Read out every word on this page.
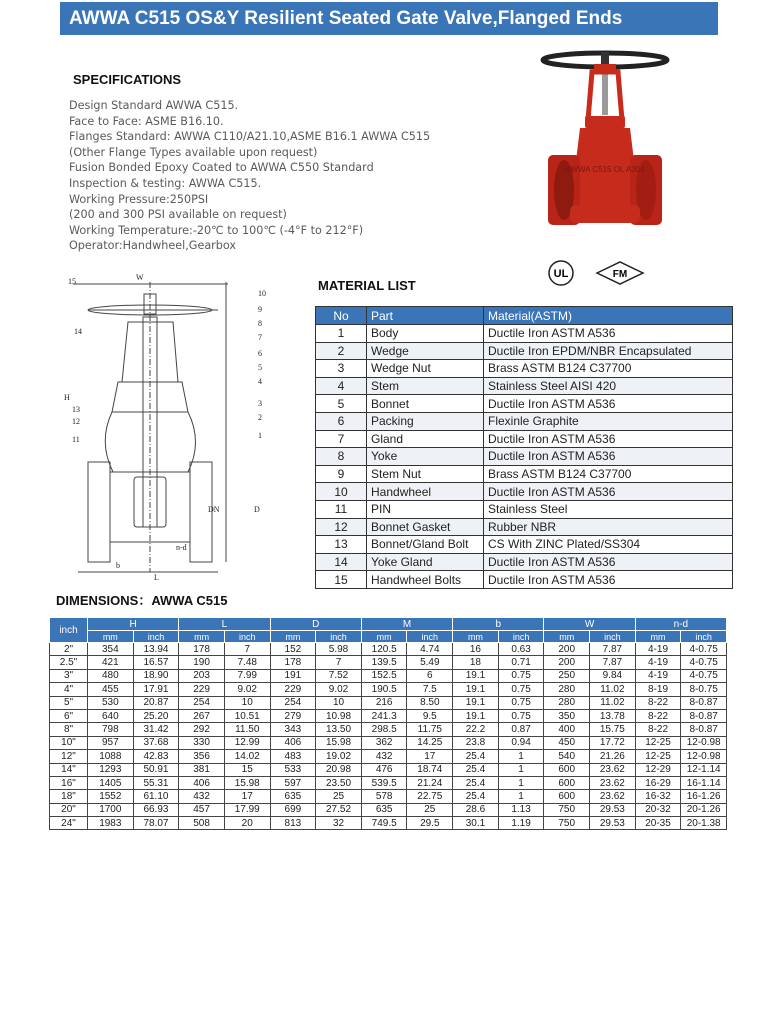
AWWA C515 OS&Y Resilient Seated Gate Valve,Flanged Ends
SPECIFICATIONS
Design Standard AWWA C515.
Face to Face: ASME B16.10.
Flanges Standard: AWWA C110/A21.10,ASME B16.1 AWWA C515
(Other Flange Types available upon request)
Fusion Bonded Epoxy Coated to AWWA C550 Standard
Inspection & testing: AWWA C515.
Working Pressure:250PSI
(200 and 300 PSI available on request)
Working Temperature:-20℃ to 100℃ (-4°F to 212°F)
Operator:Handwheel,Gearbox
AWWA C515 OL A304
UL	FM
W
H
DN	D
n-d
b
L
15
14
10
9
8
7
6
5
4
3
2
1
13
12
11
MATERIAL LIST
No	Part	Material(ASTM)
1	Body	Ductile Iron ASTM A536
2	Wedge	Ductile Iron EPDM/NBR Encapsulated
3	Wedge Nut	Brass ASTM B124 C37700
4	Stem	Stainless Steel AISI 420
5	Bonnet	Ductile Iron ASTM A536
6	Packing	Flexinle Graphite
7	Gland	Ductile Iron ASTM A536
8	Yoke	Ductile Iron ASTM A536
9	Stem Nut	Brass ASTM B124 C37700
10	Handwheel	Ductile Iron ASTM A536
11	PIN	Stainless Steel
12	Bonnet Gasket	Rubber NBR
13	Bonnet/Gland Bolt	CS With ZINC Plated/SS304
14	Yoke Gland	Ductile Iron ASTM A536
15	Handwheel Bolts	Ductile Iron ASTM A536
DIMENSIONS：AWWA C515
inch	H		L		D		M		b		W		n-d	
	mm	inch	mm	inch	mm	inch	mm	inch	mm	inch	mm	inch	mm	inch
2"	354	13.94	178	7	152	5.98	120.5	4.74	16	0.63	200	7.87	4-19	4-0.75
2.5"	421	16.57	190	7.48	178	7	139.5	5.49	18	0.71	200	7.87	4-19	4-0.75
3"	480	18.90	203	7.99	191	7.52	152.5	6	19.1	0.75	250	9.84	4-19	4-0.75
4"	455	17.91	229	9.02	229	9.02	190.5	7.5	19.1	0.75	280	11.02	8-19	8-0.75
5"	530	20.87	254	10	254	10	216	8.50	19.1	0.75	280	11.02	8-22	8-0.87
6"	640	25.20	267	10.51	279	10.98	241.3	9.5	19.1	0.75	350	13.78	8-22	8-0.87
8"	798	31.42	292	11.50	343	13.50	298.5	11.75	22.2	0.87	400	15.75	8-22	8-0.87
10"	957	37.68	330	12.99	406	15.98	362	14.25	23.8	0.94	450	17.72	12-25	12-0.98
12"	1088	42.83	356	14.02	483	19.02	432	17	25.4	1	540	21.26	12-25	12-0.98
14"	1293	50.91	381	15	533	20.98	476	18.74	25.4	1	600	23.62	12-29	12-1.14
16"	1405	55.31	406	15.98	597	23.50	539.5	21.24	25.4	1	600	23.62	16-29	16-1.14
18"	1552	61.10	432	17	635	25	578	22.75	25.4	1	600	23.62	16-32	16-1.26
20"	1700	66.93	457	17.99	699	27.52	635	25	28.6	1.13	750	29.53	20-32	20-1.26
24"	1983	78.07	508	20	813	32	749.5	29.5	30.1	1.19	750	29.53	20-35	20-1.38
